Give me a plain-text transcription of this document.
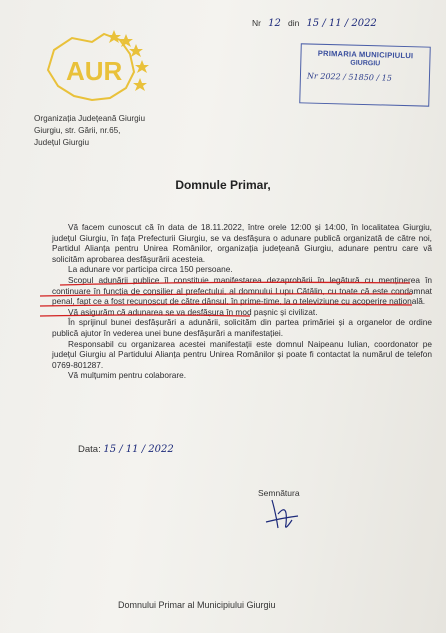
AUR
Organizația Județeană Giurgiu
Giurgiu, str. Gării, nr.65,
Județul Giurgiu
Nr 12 din 15 / 11 / 2022
PRIMARIA MUNICIPIULUI
GIURGIU
Nr 2022 / 51850 / 15
Domnule Primar,

Vă facem cunoscut că în data de 18.11.2022, între orele 12:00 și 14:00, în localitatea Giurgiu, județul Giurgiu, în fața Prefecturii Giurgiu, se va desfășura o adunare publică organizată de către noi, Partidul Alianța pentru Unirea Românilor, organizația județeană Giurgiu, adunare pentru care vă solicităm aprobarea desfășurării acesteia.

La adunare vor participa circa 150 persoane.

Scopul adunării publice îl constituie manifestarea dezaprobării în legătură cu menținerea în continuare în funcția de consilier al prefectului, al domnului Lupu Cătălin, cu toate că este condamnat penal, fapt ce a fost recunoscut de către dânsul, în prime-time, la o televiziune cu acoperire națională.

Vă asigurăm că adunarea se va desfășura în mod pașnic și civilizat.

În sprijinul bunei desfășurări a adunării, solicităm din partea primăriei și a organelor de ordine publică ajutor în vederea unei bune desfășurări a manifestației.

Responsabil cu organizarea acestei manifestații este domnul Naipeanu Iulian, coordonator pe județul Giurgiu al Partidului Alianța pentru Unirea Românilor și poate fi contactat la numărul de telefon 0769-801287.

Vă mulțumim pentru colaborare.

Data: 15 / 11 / 2022
Semnătura
Domnului Primar al Municipiului Giurgiu
